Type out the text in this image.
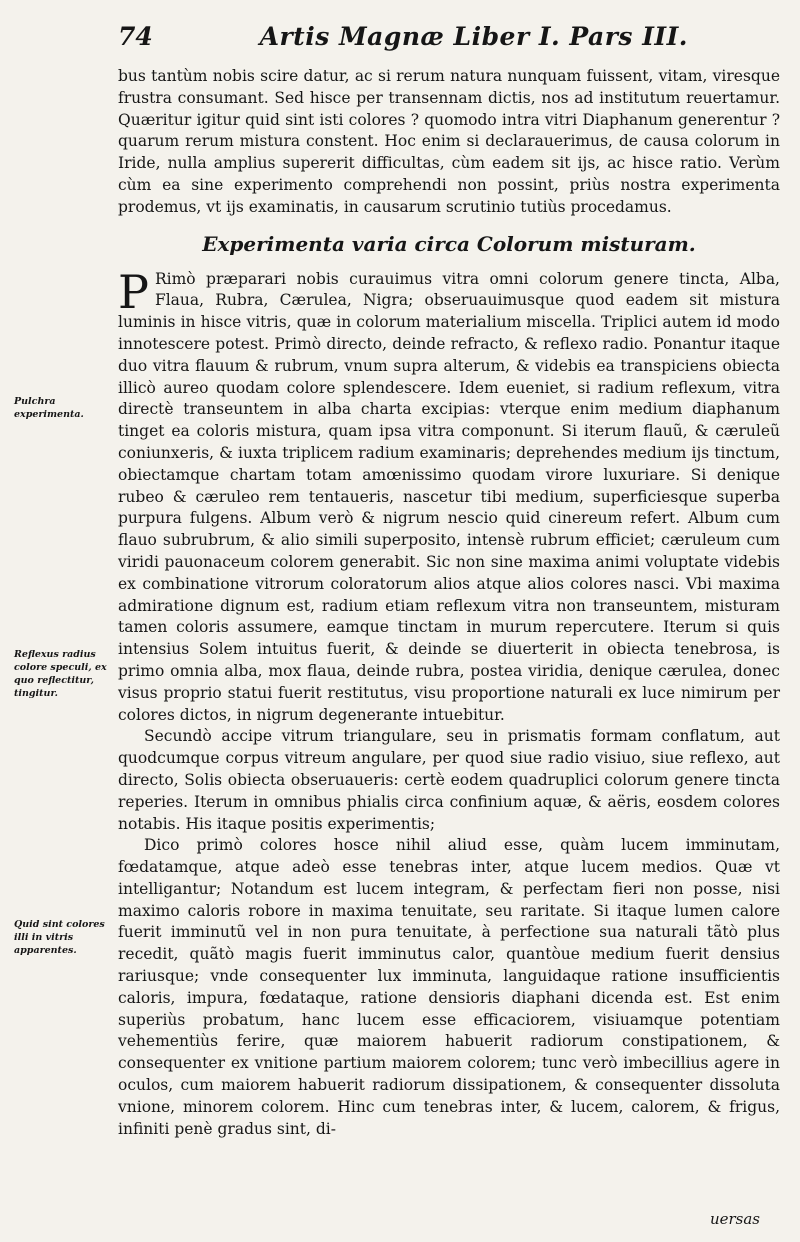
74	Artis Magnæ Liber I. Pars III.
Pulchra experimenta.
Reflexus radius colore speculi, ex quo reflectitur, tingitur.
Quid sint colores illi in vitris apparentes.

bus tantùm nobis scire datur, ac si rerum natura nunquam fuissent, vitam, viresque frustra consumant. Sed hisce per transennam dictis, nos ad institutum reuertamur. Quæritur igitur quid sint isti colores ? quomodo intra vitri Diaphanum generentur ? quarum rerum mistura constent. Hoc enim si declarauerimus, de causa colorum in Iride, nulla amplius supererit difficultas, cùm eadem sit ijs, ac hisce ratio. Verùm cùm ea sine experimento comprehendi non possint, priùs nostra experimenta prodemus, vt ijs examinatis, in causarum scrutinio tutiùs procedamus.

Experimenta varia circa Colorum misturam.

P Rimò præparari nobis curauimus vitra omni colorum genere tincta, Alba, Flaua, Rubra, Cærulea, Nigra; obseruauimusque quod eadem sit mistura luminis in hisce vitris, quæ in colorum materialium miscella. Triplici autem id modo innotescere potest. Primò directo, deinde refracto, & reflexo radio. Ponantur itaque duo vitra flauum & rubrum, vnum supra alterum, & videbis ea transpiciens obiecta illicò aureo quodam colore splendescere. Idem eueniet, si radium reflexum, vitra directè transeuntem in alba charta excipias: vterque enim medium diaphanum tinget ea coloris mistura, quam ipsa vitra componunt. Si iterum flauũ, & cæruleũ coniunxeris, & iuxta triplicem radium examinaris; deprehendes medium ijs tinctum, obiectamque chartam totam amœnissimo quodam virore luxuriare. Si denique rubeo & cæruleo rem tentaueris, nascetur tibi medium, superficiesque superba purpura fulgens. Album verò & nigrum nescio quid cinereum refert. Album cum flauo subrubrum, & alio simili superposito, intensè rubrum efficiet; cæruleum cum viridi pauonaceum colorem generabit. Sic non sine maxima animi voluptate videbis ex combinatione vitrorum coloratorum alios atque alios colores nasci. Vbi maxima admiratione dignum est, radium etiam reflexum vitra non transeuntem, misturam tamen coloris assumere, eamque tinctam in murum repercutere. Iterum si quis intensius Solem intuitus fuerit, & deinde se diuerterit in obiecta tenebrosa, is primo omnia alba, mox flaua, deinde rubra, postea viridia, denique cærulea, donec visus proprio statui fuerit restitutus, visu proportione naturali ex luce nimirum per colores dictos, in nigrum degenerante intuebitur.

Secundò accipe vitrum triangulare, seu in prismatis formam conflatum, aut quodcumque corpus vitreum angulare, per quod siue radio visiuo, siue reflexo, aut directo, Solis obiecta obseruaueris: certè eodem quadruplici colorum genere tincta reperies. Iterum in omnibus phialis circa confinium aquæ, & aëris, eosdem colores notabis. His itaque positis experimentis;

Dico primò colores hosce nihil aliud esse, quàm lucem imminutam, fœdatamque, atque adeò esse tenebras inter, atque lucem medios. Quæ vt intelligantur; Notandum est lucem integram, & perfectam fieri non posse, nisi maximo caloris robore in maxima tenuitate, seu raritate. Si itaque lumen calore fuerit imminutũ vel in non pura tenuitate, à perfectione sua naturali tãtò plus recedit, quãtò magis fuerit imminutus calor, quantòue medium fuerit densius rariusque; vnde consequenter lux imminuta, languidaque ratione insufficientis caloris, impura, fœdataque, ratione densioris diaphani dicenda est. Est enim superiùs probatum, hanc lucem esse efficaciorem, visiuamque potentiam vehementiùs ferire, quæ maiorem habuerit radiorum constipationem, & consequenter ex vnitione partium maiorem colorem; tunc verò imbecillius agere in oculos, cum maiorem habuerit radiorum dissipationem, & consequenter dissoluta vnione, minorem colorem. Hinc cum tenebras inter, & lucem, calorem, & frigus, infiniti penè gradus sint, di-

uersas
